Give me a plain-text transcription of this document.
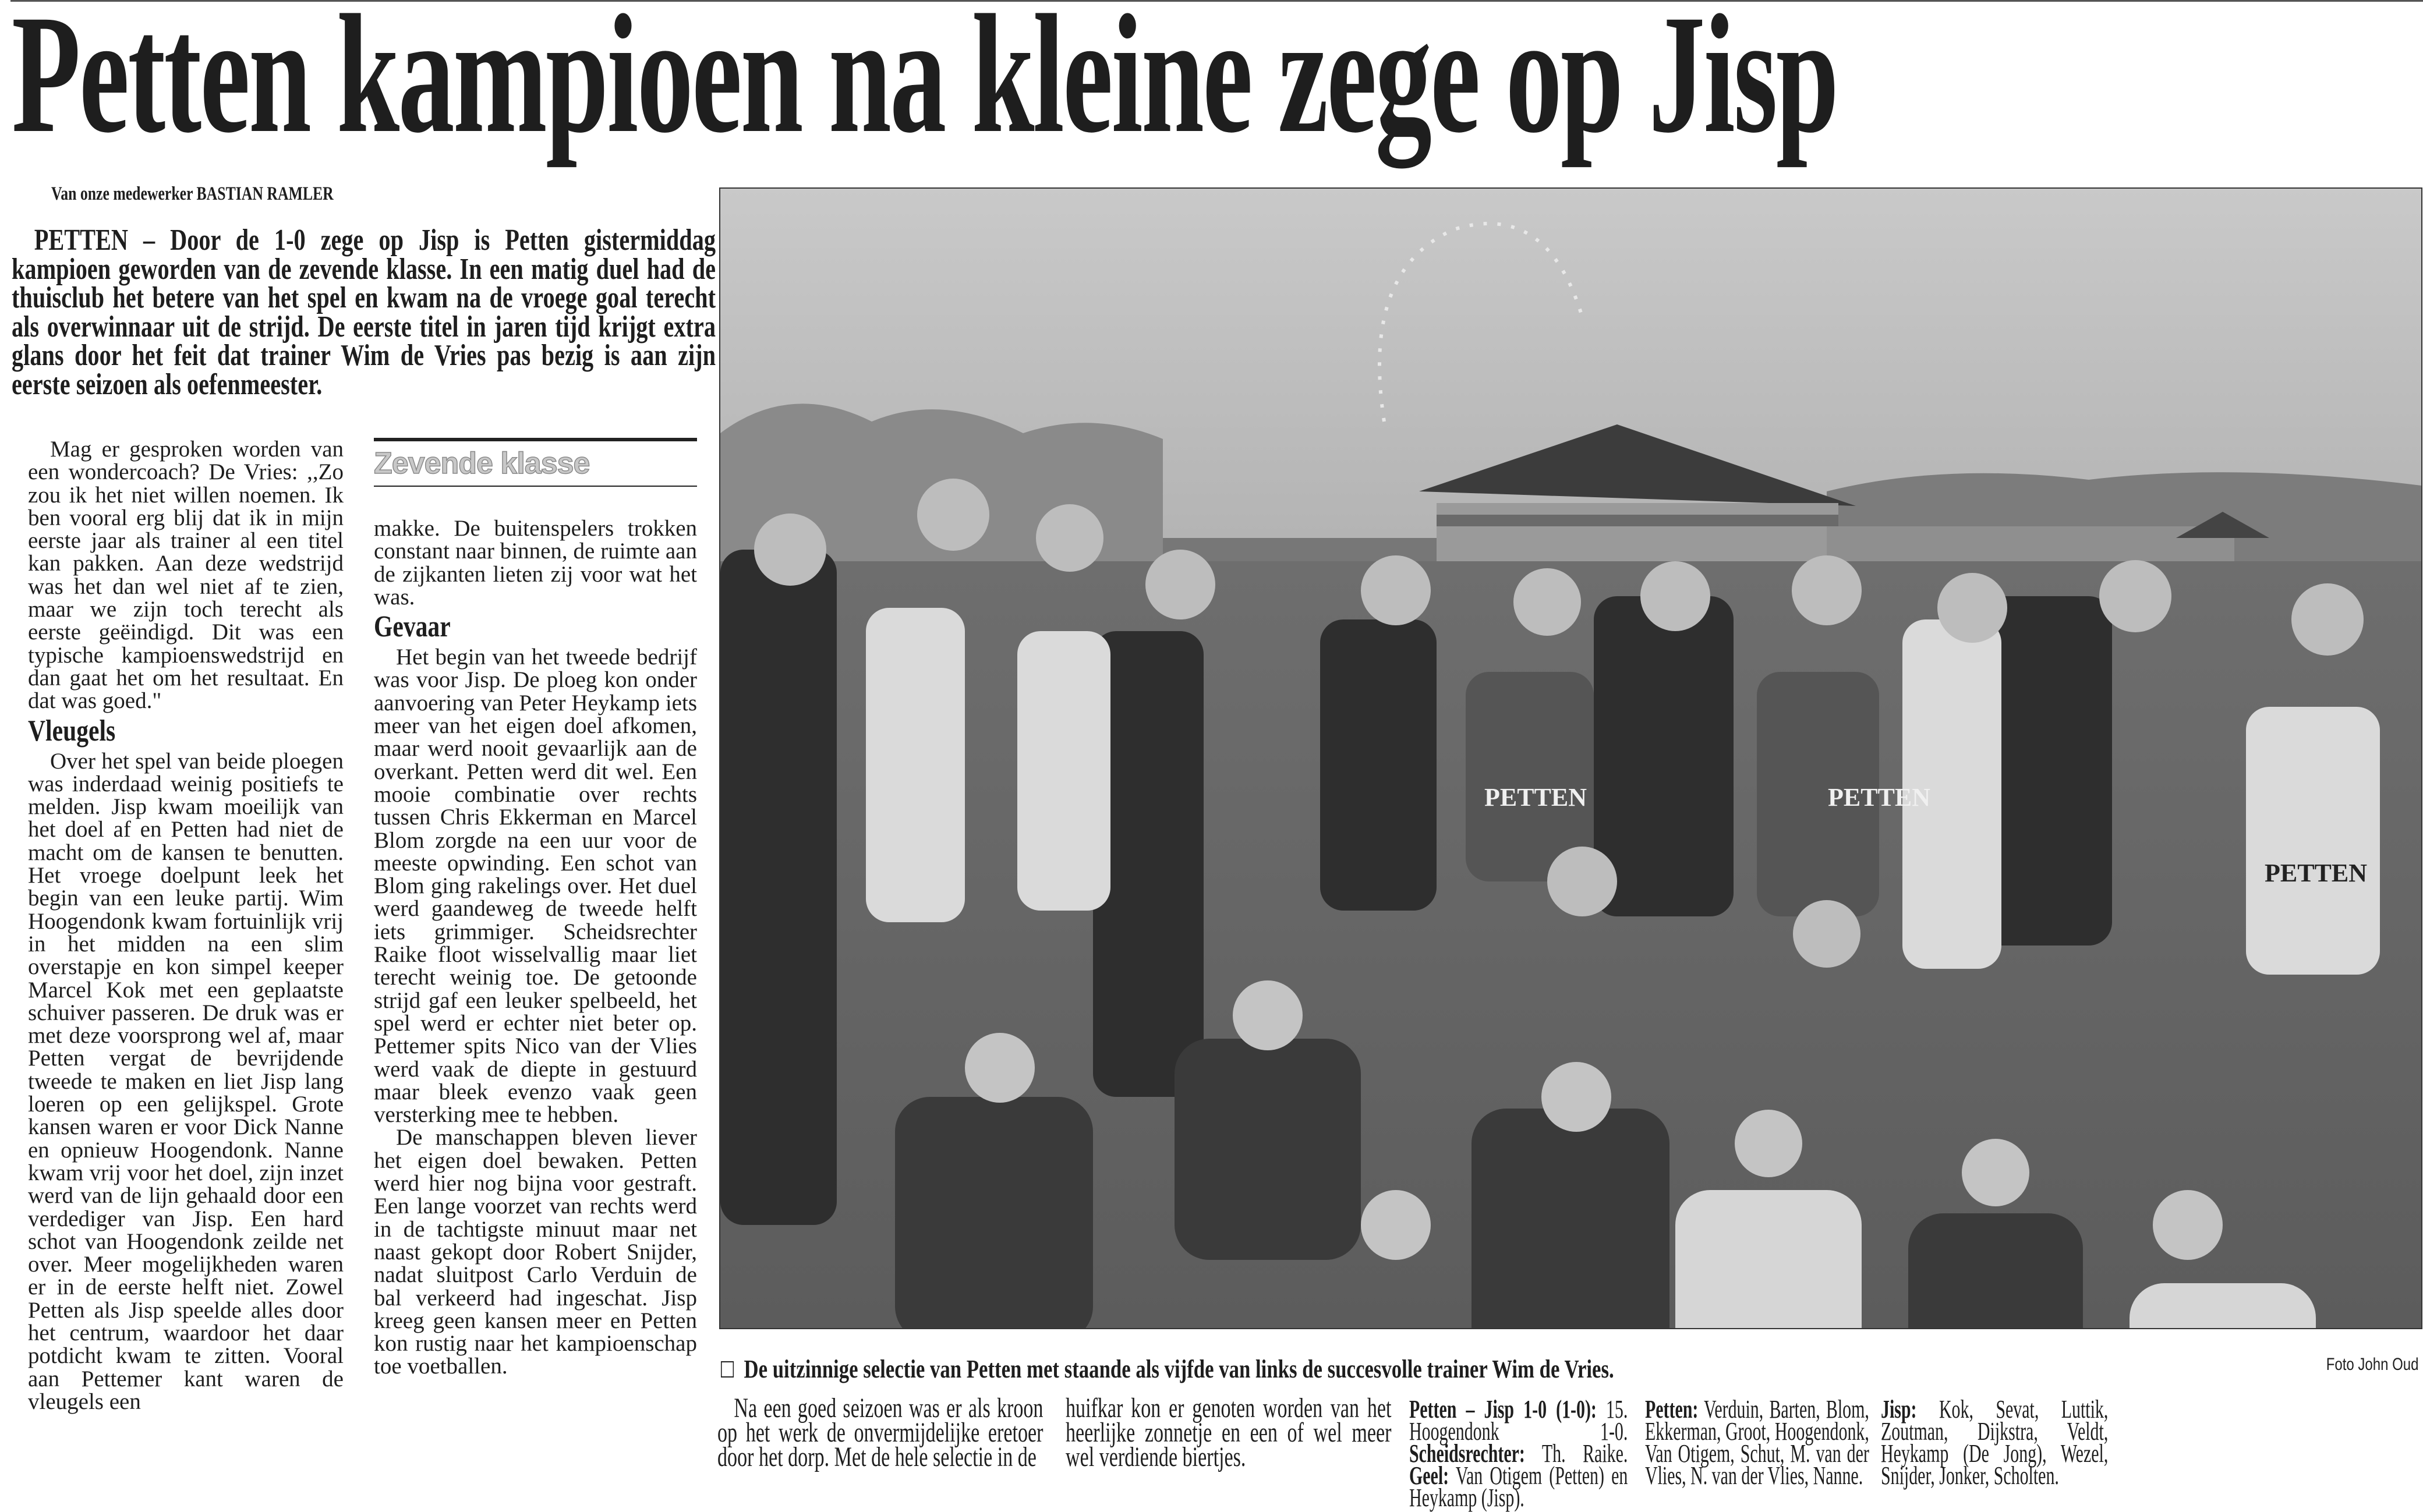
Petten kampioen na kleine zege op Jisp
Van onze medewerker BASTIAN RAMLER
PETTEN – Door de 1-0 zege op Jisp is Petten gistermiddag kampioen geworden van de zevende klasse. In een matig duel had de thuisclub het betere van het spel en kwam na de vroege goal terecht als overwinnaar uit de strijd. De eerste titel in jaren tijd krijgt extra glans door het feit dat trainer Wim de Vries pas bezig is aan zijn eerste seizoen als oefenmeester.

Mag er gesproken worden van een wondercoach? De Vries: ,,Zo zou ik het niet willen noemen. Ik ben vooral erg blij dat ik in mijn eerste jaar als trainer al een titel kan pakken. Aan deze wedstrijd was het dan wel niet af te zien, maar we zijn toch terecht als eerste geëindigd. Dit was een typische kampioenswedstrijd en dan gaat het om het resultaat. En dat was goed."

Vleugels

Over het spel van beide ploegen was inderdaad weinig positiefs te melden. Jisp kwam moeilijk van het doel af en Petten had niet de macht om de kansen te benutten. Het vroege doelpunt leek het begin van een leuke partij. Wim Hoogendonk kwam fortuinlijk vrij in het midden na een slim overstapje en kon simpel keeper Marcel Kok met een geplaatste schuiver passeren. De druk was er met deze voorsprong wel af, maar Petten vergat de bevrijdende tweede te maken en liet Jisp lang loeren op een gelijkspel. Grote kansen waren er voor Dick Nanne en opnieuw Hoogendonk. Nanne kwam vrij voor het doel, zijn inzet werd van de lijn gehaald door een verdediger van Jisp. Een hard schot van Hoogendonk zeilde net over. Meer mogelijkheden waren er in de eerste helft niet. Zowel Petten als Jisp speelde alles door het centrum, waardoor het daar potdicht kwam te zitten. Vooral aan Pettemer kant waren de vleugels een

Zevende klasse

makke. De buitenspelers trokken constant naar binnen, de ruimte aan de zijkanten lieten zij voor wat het was.

Gevaar

Het begin van het tweede bedrijf was voor Jisp. De ploeg kon onder aanvoering van Peter Heykamp iets meer van het eigen doel afkomen, maar werd nooit gevaarlijk aan de overkant. Petten werd dit wel. Een mooie combinatie over rechts tussen Chris Ekkerman en Marcel Blom zorgde na een uur voor de meeste opwinding. Een schot van Blom ging rakelings over. Het duel werd gaandeweg de tweede helft iets grimmiger. Scheidsrechter Raike floot wisselvallig maar liet terecht weinig toe. De getoonde strijd gaf een leuker spelbeeld, het spel werd er echter niet beter op. Pettemer spits Nico van der Vlies werd vaak de diepte in gestuurd maar bleek evenzo vaak geen versterking mee te hebben.

De manschappen bleven liever het eigen doel bewaken. Petten werd hier nog bijna voor gestraft. Een lange voorzet van rechts werd in de tachtigste minuut maar net naast gekopt door Robert Snijder, nadat sluitpost Carlo Verduin de bal verkeerd had ingeschat. Jisp kreeg geen kansen meer en Petten kon rustig naar het kampioenschap toe voetballen.

PETTEN	PETTEN
PETTEN
De uitzinnige selectie van Petten met staande als vijfde van links de succesvolle trainer Wim de Vries.	Foto John Oud

Na een goed seizoen was er als kroon op het werk de onvermijdelijke eretoer door het dorp. Met de hele selectie in de

huifkar kon er genoten worden van het heerlijke zonnetje en een of wel meer wel verdiende biertjes.

Petten – Jisp 1-0 (1-0): 15. Hoogendonk 1-0. Scheidsrechter: Th. Raike. Geel: Van Otigem (Petten) en Heykamp (Jisp).
Petten: Verduin, Barten, Blom, Ekkerman, Groot, Hoogendonk, Van Otigem, Schut, M. van der Vlies, N. van der Vlies, Nanne.
Jisp: Kok, Sevat, Luttik, Zoutman, Dijkstra, Veldt, Heykamp (De Jong), Wezel, Snijder, Jonker, Scholten.
